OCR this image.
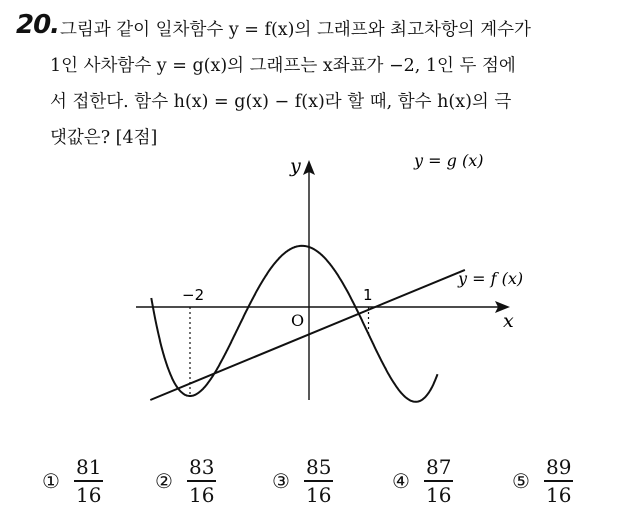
20. 그림과 같이 일차함수 y = f(x)의 그래프와 최고차항의 계수가
1인 사차함수 y = g(x)의 그래프는 x좌표가 −2, 1인 두 점에
서 접한다. 함수 h(x) = g(x) − f(x)라 할 때, 함수 h(x)의 극
댓값은? [4점]
y
x
O
−2	1
y = g (x)
y = f (x)
① $\frac{81}{16}$	② $\frac{83}{16}$	③ $\frac{85}{16}$	④ $\frac{87}{16}$	⑤ $\frac{89}{16}$
